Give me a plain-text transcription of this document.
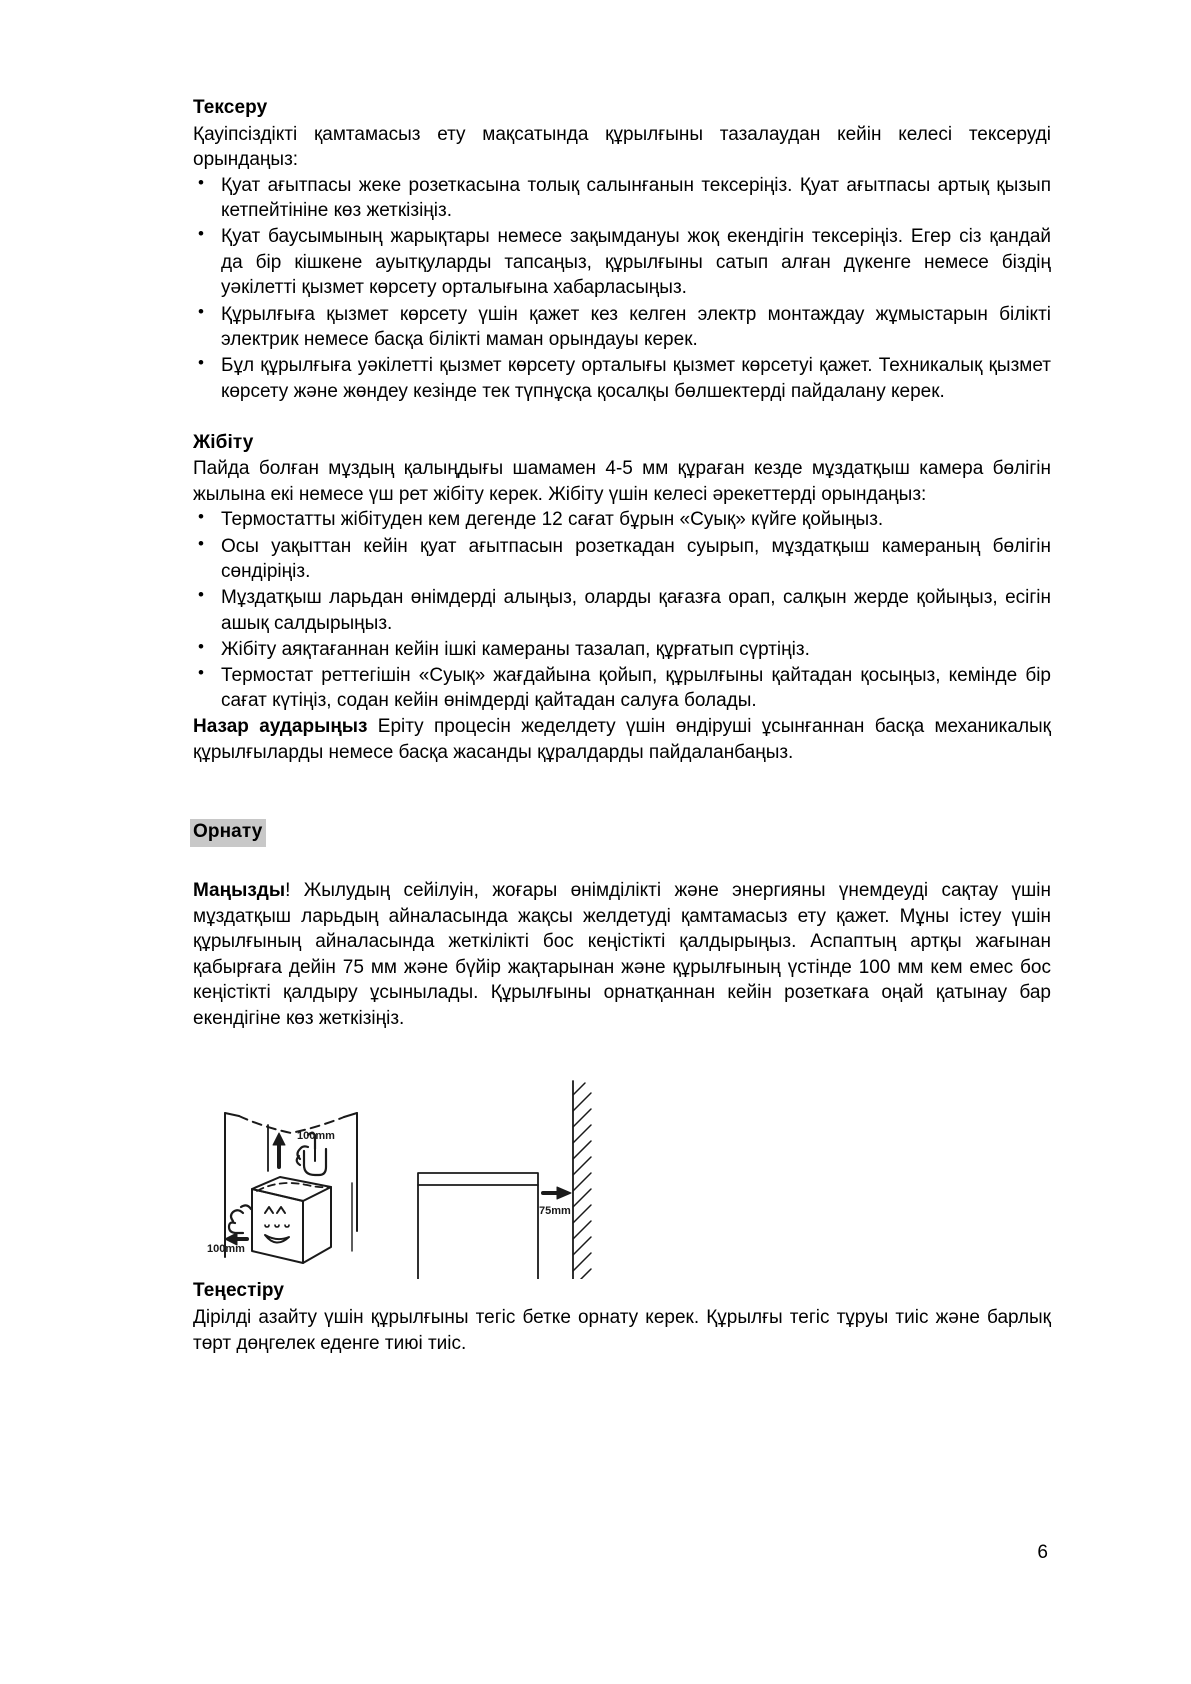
Тексеру

Қауіпсіздікті қамтамасыз ету мақсатында құрылғыны тазалаудан кейін келесі тексеруді орындаңыз:

• Қуат ағытпасы жеке розеткасына толық салынғанын тексеріңіз. Қуат ағытпасы артық қызып кетпейтініне көз жеткізіңіз.
• Қуат баусымының жарықтары немесе зақымдануы жоқ екендігін тексеріңіз. Егер сіз қандай да бір кішкене ауытқуларды тапсаңыз, құрылғыны сатып алған дүкенге немесе біздің уәкілетті қызмет көрсету орталығына хабарласыңыз.
• Құрылғыға қызмет көрсету үшін қажет кез келген электр монтаждау жұмыстарын білікті электрик немесе басқа білікті маман орындауы керек.
• Бұл құрылғыға уәкілетті қызмет көрсету орталығы қызмет көрсетуі қажет. Техникалық қызмет көрсету және жөндеу кезінде тек түпнұсқа қосалқы бөлшектерді пайдалану керек.
Жібіту

Пайда болған мұздың қалыңдығы шамамен 4-5 мм құраған кезде мұздатқыш камера бөлігін жылына екі немесе үш рет жібіту керек. Жібіту үшін келесі әрекеттерді орындаңыз:

• Термостатты жібітуден кем дегенде 12 сағат бұрын «Суық» күйге қойыңыз.
• Осы уақыттан кейін қуат ағытпасын розеткадан суырып, мұздатқыш камераның бөлігін сөндіріңіз.
• Мұздатқыш ларьдан өнімдерді алыңыз, оларды қағазға орап, салқын жерде қойыңыз, есігін ашық салдырыңыз.
• Жібіту аяқтағаннан кейін ішкі камераны тазалап, құрғатып сүртіңіз.
• Термостат реттегішін «Суық» жағдайына қойып, құрылғыны қайтадан қосыңыз, кемінде бір сағат күтіңіз, содан кейін өнімдерді қайтадан салуға болады.

Назар аударыңыз Еріту процесін жеделдету үшін өндіруші ұсынғаннан басқа механикалық құрылғыларды немесе басқа жасанды құралдарды пайдаланбаңыз.

Орнату

Маңызды! Жылудың сейілуін, жоғары өнімділікті және энергияны үнемдеуді сақтау үшін мұздатқыш ларьдың айналасында жақсы желдетуді қамтамасыз ету қажет. Мұны істеу үшін құрылғының айналасында жеткілікті бос кеңістікті қалдырыңыз. Аспаптың артқы жағынан қабырғаға дейін 75 мм және бүйір жақтарынан және құрылғының үстінде 100 мм кем емес бос кеңістікті қалдыру ұсынылады. Құрылғыны орнатқаннан кейін розеткаға оңай қатынау бар екендігіне көз жеткізіңіз.

100mm
100mm
75mm
Теңестіру

Дірілді азайту үшін құрылғыны тегіс бетке орнату керек. Құрылғы тегіс тұруы тиіс және барлық төрт дөңгелек еденге тиюі тиіс.

6
